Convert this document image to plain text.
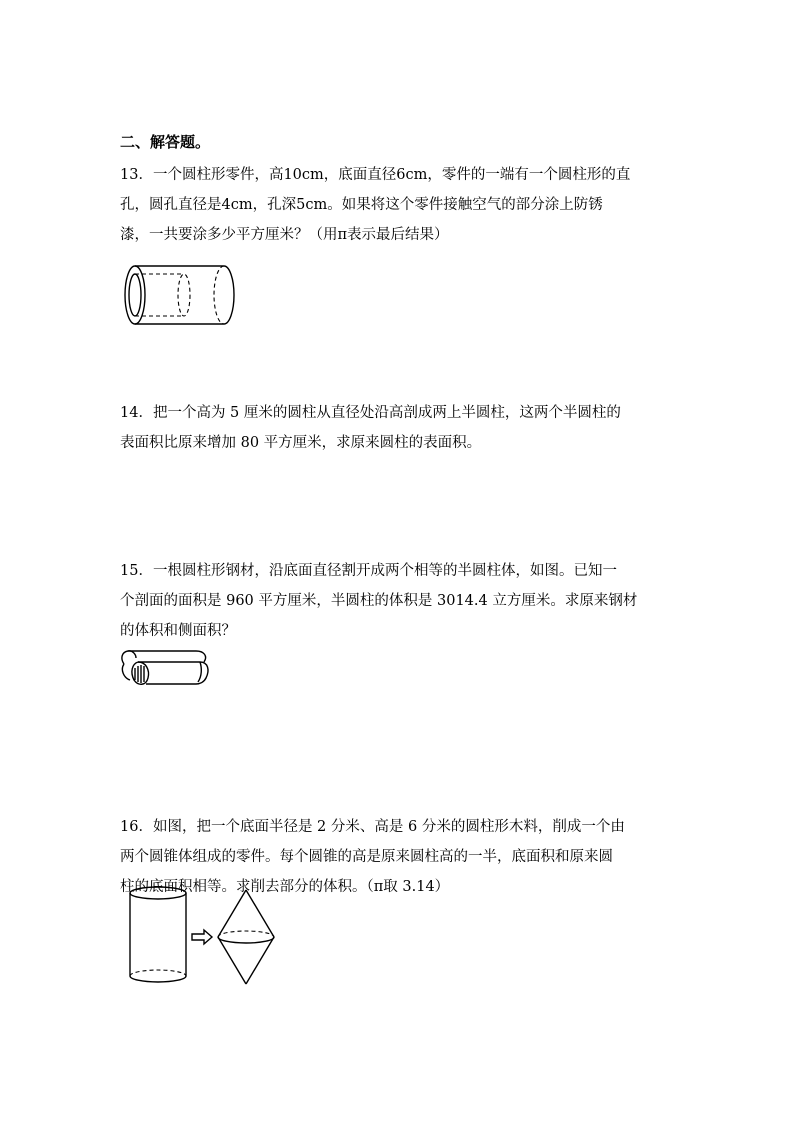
二、解答题。

13．一个圆柱形零件，高10cm，底面直径6cm，零件的一端有一个圆柱形的直

孔，圆孔直径是4cm，孔深5cm。如果将这个零件接触空气的部分涂上防锈

漆，一共要涂多少平方厘米？（用π表示最后结果）

14．把一个高为 5 厘米的圆柱从直径处沿高剖成两上半圆柱，这两个半圆柱的

表面积比原来增加 80 平方厘米，求原来圆柱的表面积。

15．一根圆柱形钢材，沿底面直径割开成两个相等的半圆柱体，如图。已知一

个剖面的面积是 960 平方厘米，半圆柱的体积是 3014.4 立方厘米。求原来钢材

的体积和侧面积？

16．如图，把一个底面半径是 2 分米、高是 6 分米的圆柱形木料，削成一个由

两个圆锥体组成的零件。每个圆锥的高是原来圆柱高的一半，底面积和原来圆

柱的底面积相等。求削去部分的体积。（π取 3.14）
